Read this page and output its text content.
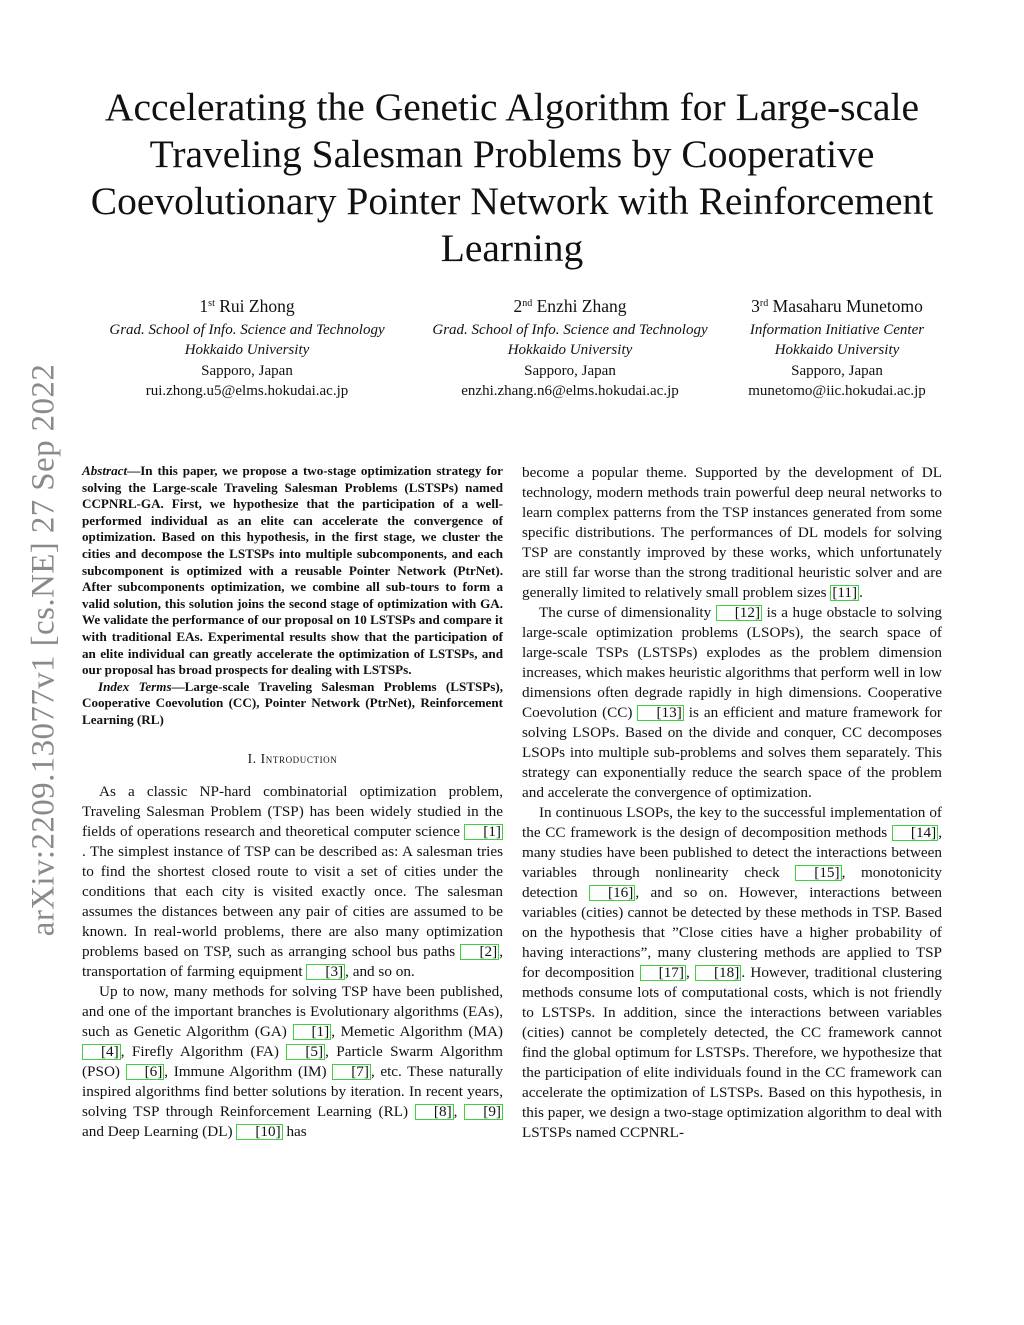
arXiv:2209.13077v1 [cs.NE] 27 Sep 2022
Accelerating the Genetic Algorithm for Large-scale Traveling Salesman Problems by Cooperative Coevolutionary Pointer Network with Reinforcement Learning
1st Rui Zhong
Grad. School of Info. Science and Technology
Hokkaido University
Sapporo, Japan
rui.zhong.u5@elms.hokudai.ac.jp
2nd Enzhi Zhang
Grad. School of Info. Science and Technology
Hokkaido University
Sapporo, Japan
enzhi.zhang.n6@elms.hokudai.ac.jp
3rd Masaharu Munetomo
Information Initiative Center
Hokkaido University
Sapporo, Japan
munetomo@iic.hokudai.ac.jp

Abstract—In this paper, we propose a two-stage optimization strategy for solving the Large-scale Traveling Salesman Problems (LSTSPs) named CCPNRL-GA. First, we hypothesize that the participation of a well-performed individual as an elite can accelerate the convergence of optimization. Based on this hypothesis, in the first stage, we cluster the cities and decompose the LSTSPs into multiple subcomponents, and each subcomponent is optimized with a reusable Pointer Network (PtrNet). After subcomponents optimization, we combine all sub-tours to form a valid solution, this solution joins the second stage of optimization with GA. We validate the performance of our proposal on 10 LSTSPs and compare it with traditional EAs. Experimental results show that the participation of an elite individual can greatly accelerate the optimization of LSTSPs, and our proposal has broad prospects for dealing with LSTSPs.

Index Terms—Large-scale Traveling Salesman Problems (LSTSPs), Cooperative Coevolution (CC), Pointer Network (PtrNet), Reinforcement Learning (RL)

I. Introduction

As a classic NP-hard combinatorial optimization problem, Traveling Salesman Problem (TSP) has been widely studied in the fields of operations research and theoretical computer science [1]. The simplest instance of TSP can be described as: A salesman tries to find the shortest closed route to visit a set of cities under the conditions that each city is visited exactly once. The salesman assumes the distances between any pair of cities are assumed to be known. In real-world problems, there are also many optimization problems based on TSP, such as arranging school bus paths [2] , transportation of farming equipment [3] , and so on.

Up to now, many methods for solving TSP have been published, and one of the important branches is Evolutionary algorithms (EAs), such as Genetic Algorithm (GA) [1] , Memetic Algorithm (MA) [4] , Firefly Algorithm (FA) [5] , Particle Swarm Algorithm (PSO) [6] , Immune Algorithm (IM) [7] , etc. These naturally inspired algorithms find better solutions by iteration. In recent years, solving TSP through Reinforcement Learning (RL) [8] , [9] and Deep Learning (DL) [10] has

become a popular theme. Supported by the development of DL technology, modern methods train powerful deep neural networks to learn complex patterns from the TSP instances generated from some specific distributions. The performances of DL models for solving TSP are constantly improved by these works, which unfortunately are still far worse than the strong traditional heuristic solver and are generally limited to relatively small problem sizes [11] .

The curse of dimensionality [12] is a huge obstacle to solving large-scale optimization problems (LSOPs), the search space of large-scale TSPs (LSTSPs) explodes as the problem dimension increases, which makes heuristic algorithms that perform well in low dimensions often degrade rapidly in high dimensions. Cooperative Coevolution (CC) [13] is an efficient and mature framework for solving LSOPs. Based on the divide and conquer, CC decomposes LSOPs into multiple sub-problems and solves them separately. This strategy can exponentially reduce the search space of the problem and accelerate the convergence of optimization.

In continuous LSOPs, the key to the successful implementation of the CC framework is the design of decomposition methods [14] , many studies have been published to detect the interactions between variables through nonlinearity check [15] , monotonicity detection [16] , and so on. However, interactions between variables (cities) cannot be detected by these methods in TSP. Based on the hypothesis that ”Close cities have a higher probability of having interactions”, many clustering methods are applied to TSP for decomposition [17] , [18] . However, traditional clustering methods consume lots of computational costs, which is not friendly to LSTSPs. In addition, since the interactions between variables (cities) cannot be completely detected, the CC framework cannot find the global optimum for LSTSPs. Therefore, we hypothesize that the participation of elite individuals found in the CC framework can accelerate the optimization of LSTSPs. Based on this hypothesis, in this paper, we design a two-stage optimization algorithm to deal with LSTSPs named CCPNRL-
